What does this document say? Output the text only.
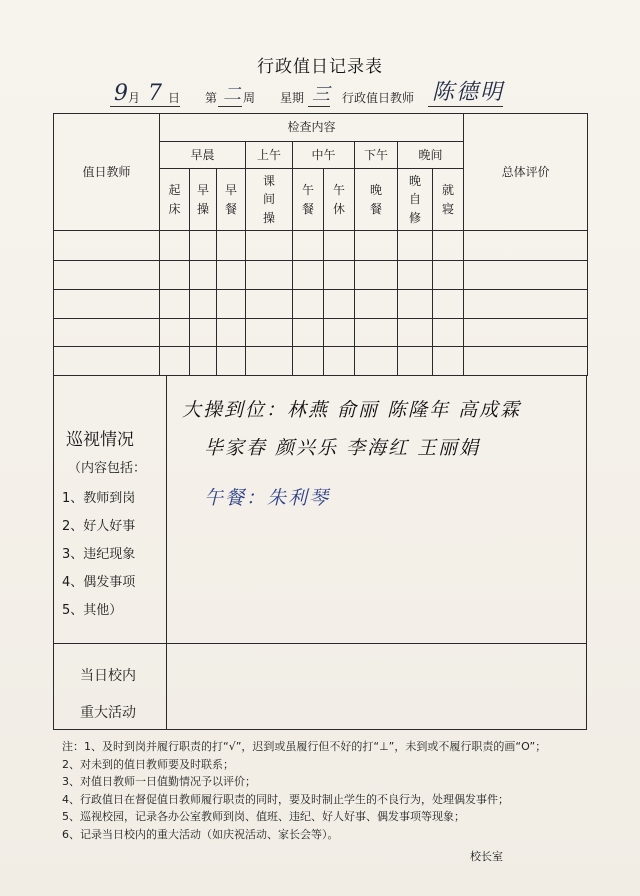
行政值日记录表
9 月 7 日 第 二 周 星期 三 行政值日教师 陈德明
值日教师	检查内容									总体评价
	早晨			上午	中午		下午	晚间		
	起床	早操	早餐	课间操	午餐	午休	晚餐	晚自修	就寝	

巡视情况
（内容包括：
1、教师到岗
2、好人好事
3、违纪现象
4、偶发事项
5、其他）
大操到位：林燕 俞丽 陈隆年 高成霖
毕家春 颜兴乐 李海红 王丽娟
午餐：朱利琴
当日校内
重大活动
注：1、及时到岗并履行职责的打“√”，迟到或虽履行但不好的打“⊥”，未到或不履行职责的画“O”；
2、对未到的值日教师要及时联系；
3、对值日教师一日值勤情况予以评价；
4、行政值日在督促值日教师履行职责的同时，要及时制止学生的不良行为，处理偶发事件；
5、巡视校园，记录各办公室教师到岗、值班、违纪、好人好事、偶发事项等现象；
6、记录当日校内的重大活动（如庆祝活动、家长会等）。
校长室
